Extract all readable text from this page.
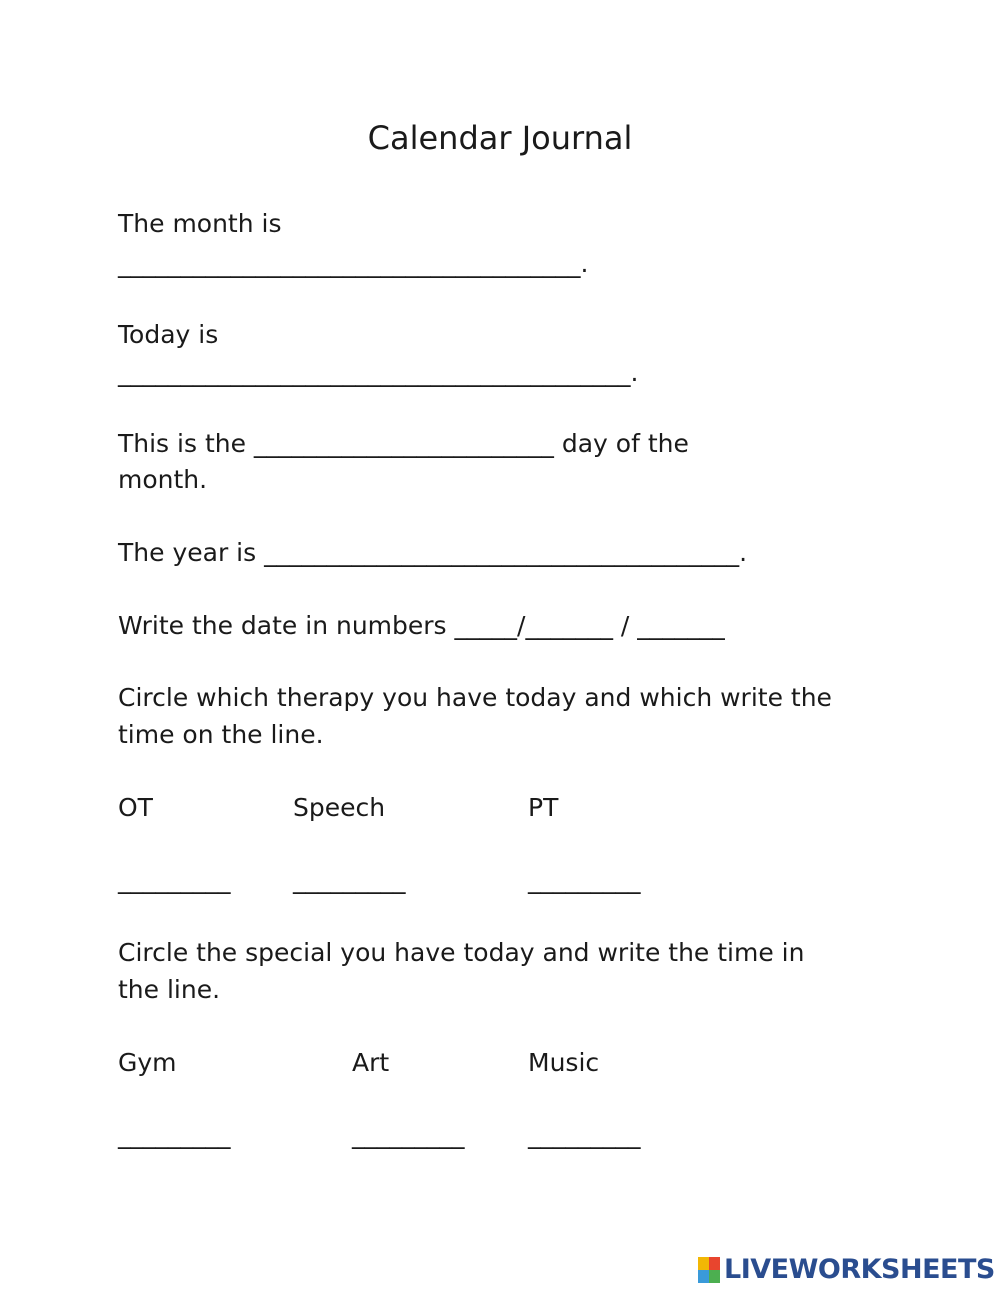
Calendar Journal
The month is
_____________________________________.
Today is
_________________________________________.
This is the ________________________ day of the
month.
The year is ______________________________________.
Write the date in numbers _____/_______ / _______
Circle which therapy you have today and which write the
time on the line.
OT	Speech	PT
_________	_________	_________
Circle the special you have today and write the time in
the line.
Gym	Art	Music
_________	_________	_________
LIVEWORKSHEETS
